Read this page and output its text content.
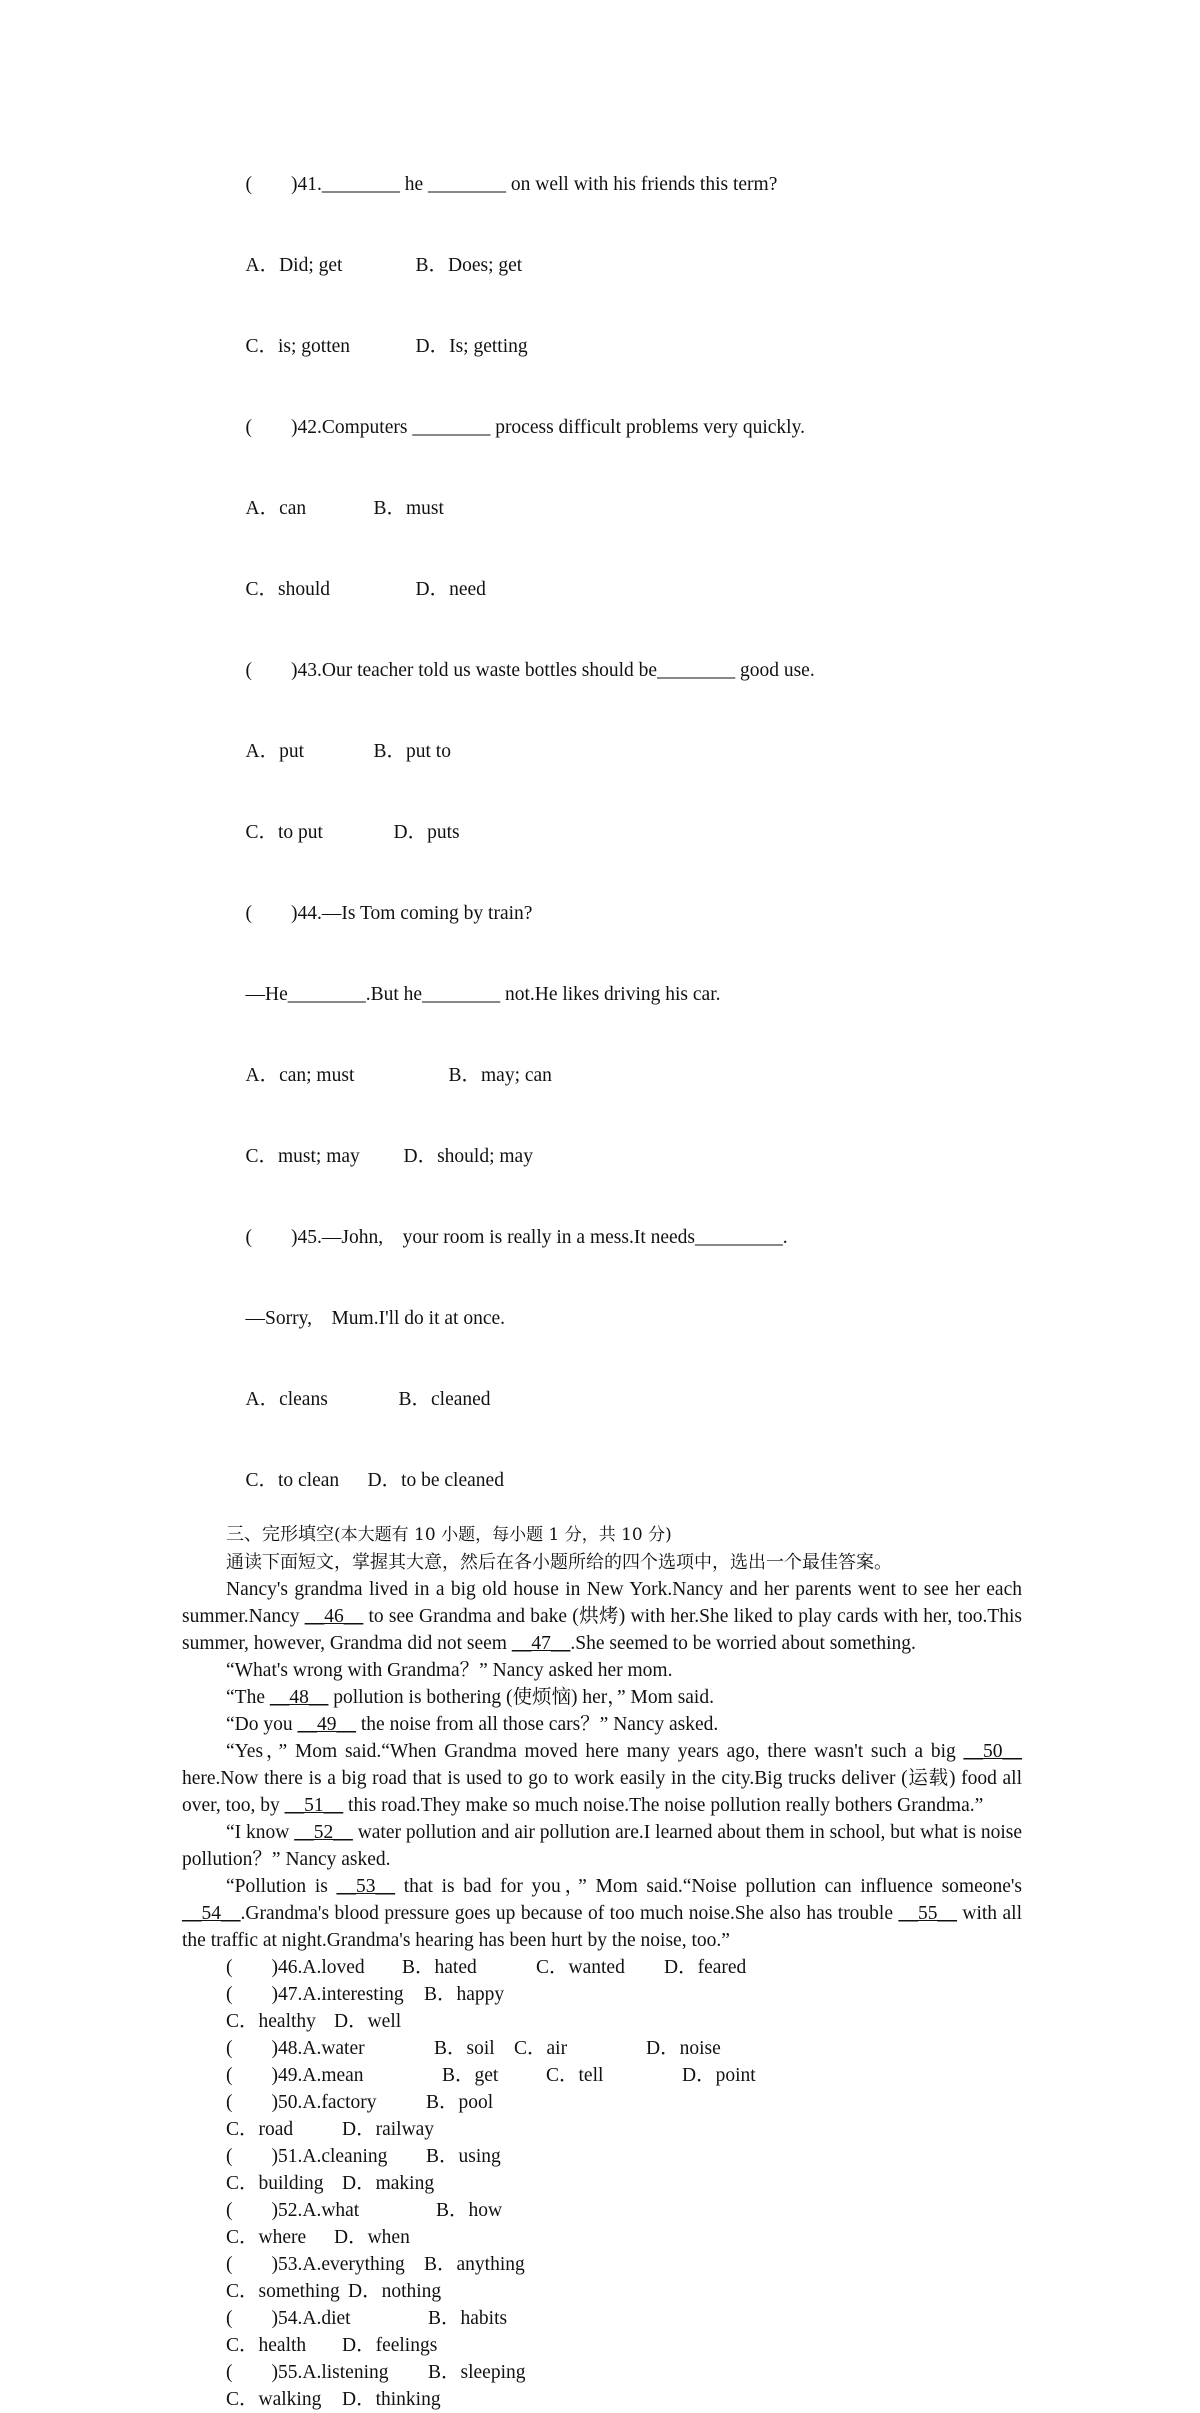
(        )41.________ he ________ on well with his friends this term?

A．Did; get	B．Does; get

C．is; gotten	D．Is; getting

(        )42.Computers ________ process difficult problems very quickly.

A．can	B．must

C．should	D．need

(        )43.Our teacher told us waste bottles should be________ good use.

A．put	B．put to

C．to put	D．puts

(        )44.—Is Tom coming by train?

—He________.But he________ not.He likes driving his car.

A．can; must	B．may; can

C．must; may D．should; may

(        )45.—John,    your room is really in a mess.It needs_________.

—Sorry,    Mum.I'll do it at once.

A．cleans	B．cleaned

C．to clean D．to be cleaned

三、完形填空(本大题有 10 小题，每小题 1 分，共 10 分)
通读下面短文，掌握其大意，然后在各小题所给的四个选项中，选出一个最佳答案。
Nancy's grandma lived in a big old house in New York.Nancy and her parents went to see her each summer.Nancy __46__ to see Grandma and bake (烘烤) with her.She liked to play cards with her, too.This summer, however, Grandma did not seem __47__.She seemed to be worried about something.
“What's wrong with Grandma？” Nancy asked her mom.
“The __48__ pollution is bothering (使烦恼) her，” Mom said.
“Do you __49__ the noise from all those cars？” Nancy asked.
“Yes，” Mom said.“When Grandma moved here many years ago, there wasn't such a big __50__ here.Now there is a big road that is used to go to work easily in the city.Big trucks deliver (运载) food all over, too, by __51__ this road.They make so much noise.The noise pollution really bothers Grandma.”
“I know __52__ water pollution and air pollution are.I learned about them in school, but what is noise pollution？” Nancy asked.
“Pollution is __53__ that is bad for you，” Mom said.“Noise pollution can influence someone's __54__.Grandma's blood pressure goes up because of too much noise.She also has trouble __55__ with all the traffic at night.Grandma's hearing has been hurt by the noise, too.”
(        )46.A.loved B．hated	C．wanted D．feared
(        )47.A.interesting B．happy
C．healthy D．well
(        )48.A.water	B．soil C．air	D．noise
(        )49.A.mean	B．get C．tell	D．point
(        )50.A.factory	B．pool
C．road	D．railway
(        )51.A.cleaning B．using
C．building D．making
(        )52.A.what	B．how
C．where D．when
(        )53.A.everything B．anything
C．something D．nothing
(        )54.A.diet	B．habits
C．health D．feelings
(        )55.A.listening B．sleeping
C．walking D．thinking
